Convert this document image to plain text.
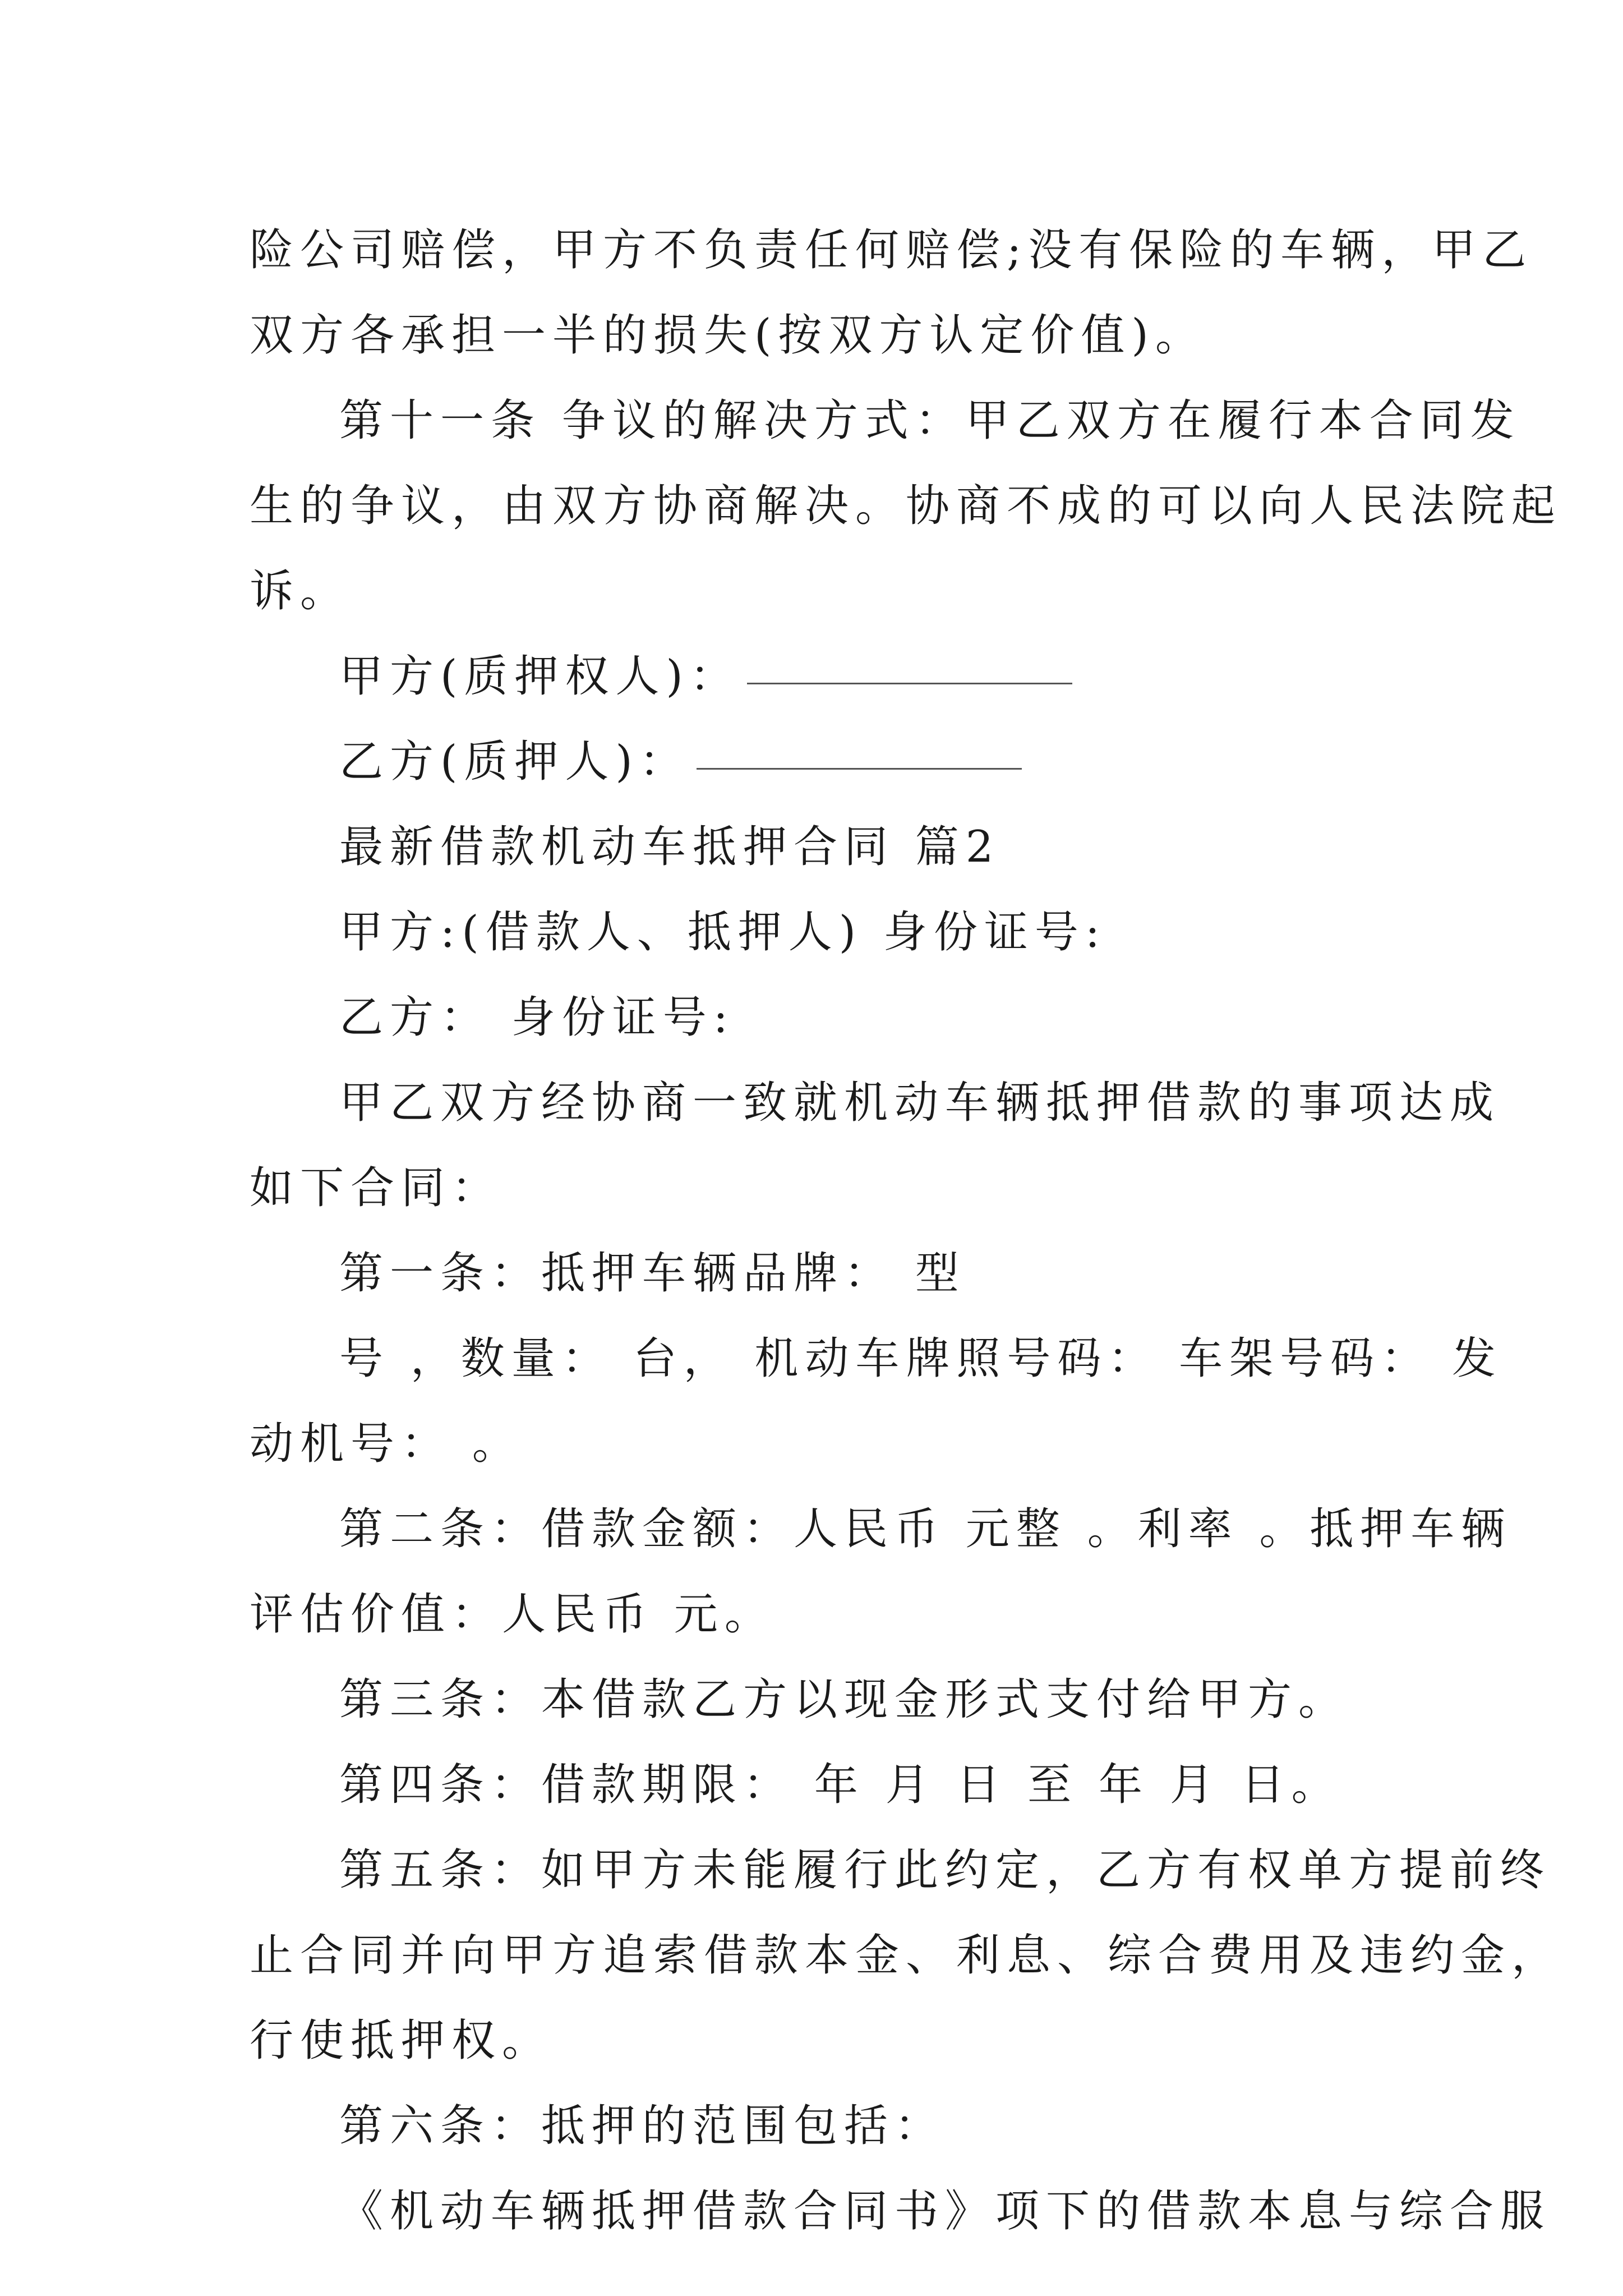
险公司赔偿，甲方不负责任何赔偿;没有保险的车辆，甲乙
双方各承担一半的损失(按双方认定价值)。

第十一条 争议的解决方式：甲乙双方在履行本合同发
生的争议，由双方协商解决。协商不成的可以向人民法院起
诉。

甲方(质押权人)：

乙方(质押人)：

最新借款机动车抵押合同 篇2

甲方:(借款人、抵押人) 身份证号:

乙方： 身份证号:

甲乙双方经协商一致就机动车辆抵押借款的事项达成
如下合同：

第一条：抵押车辆品牌： 型

号 ，数量： 台， 机动车牌照号码： 车架号码： 发
动机号： 。

第二条：借款金额：人民币 元整 。利率 。抵押车辆
评估价值：人民币 元。

第三条：本借款乙方以现金形式支付给甲方。

第四条：借款期限： 年 月 日 至 年 月 日。

第五条：如甲方未能履行此约定，乙方有权单方提前终
止合同并向甲方追索借款本金、利息、综合费用及违约金，
行使抵押权。

第六条：抵押的范围包括：

《机动车辆抵押借款合同书》项下的借款本息与综合服
